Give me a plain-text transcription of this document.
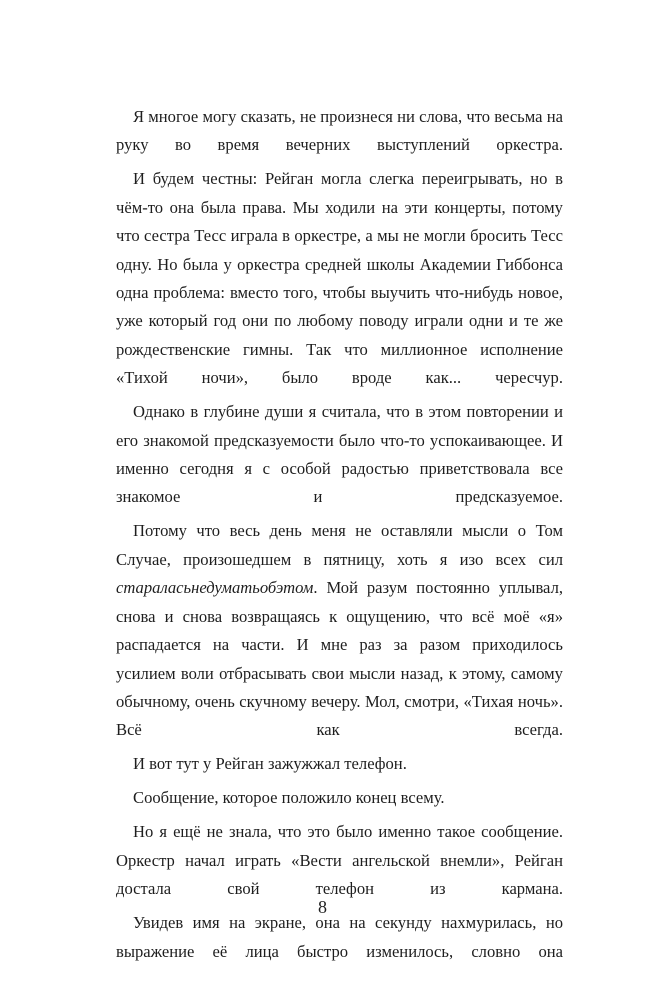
Я многое могу сказать, не произнеся ни слова, что весьма на руку во время вечерних выступлений оркестра.

И будем честны: Рейган могла слегка переигрывать, но в чём-то она была права. Мы ходили на эти концерты, потому что сестра Тесс играла в оркестре, а мы не могли бросить Тесс одну. Но была у оркестра средней школы Академии Гиббонса одна проблема: вместо того, чтобы выучить что-нибудь новое, уже который год они по любому поводу играли одни и те же рождественские гимны. Так что миллионное исполнение «Тихой ночи», было вроде как... чересчур.

Однако в глубине души я считала, что в этом повторении и его знакомой предсказуемости было что-то успокаивающее. И именно сегодня я с особой радостью приветствовала все знакомое и предсказуемое.

Потому что весь день меня не оставляли мысли о Том Случае, произошедшем в пятницу, хоть я изо всех сил стараласьнедуматьобэтом. Мой разум постоянно уплывал, снова и снова возвращаясь к ощущению, что всё моё «я» распадается на части. И мне раз за разом приходилось усилием воли отбрасывать свои мысли назад, к этому, самому обычному, очень скучному вечеру. Мол, смотри, «Тихая ночь». Всё как всегда.

И вот тут у Рейган зажужжал телефон.

Сообщение, которое положило конец всему.

Но я ещё не знала, что это было именно такое сообщение. Оркестр начал играть «Вести ангельской внемли», Рейган достала свой телефон из кармана.

Увидев имя на экране, она на секунду нахмурилась, но выражение её лица быстро изменилось, словно она

8
